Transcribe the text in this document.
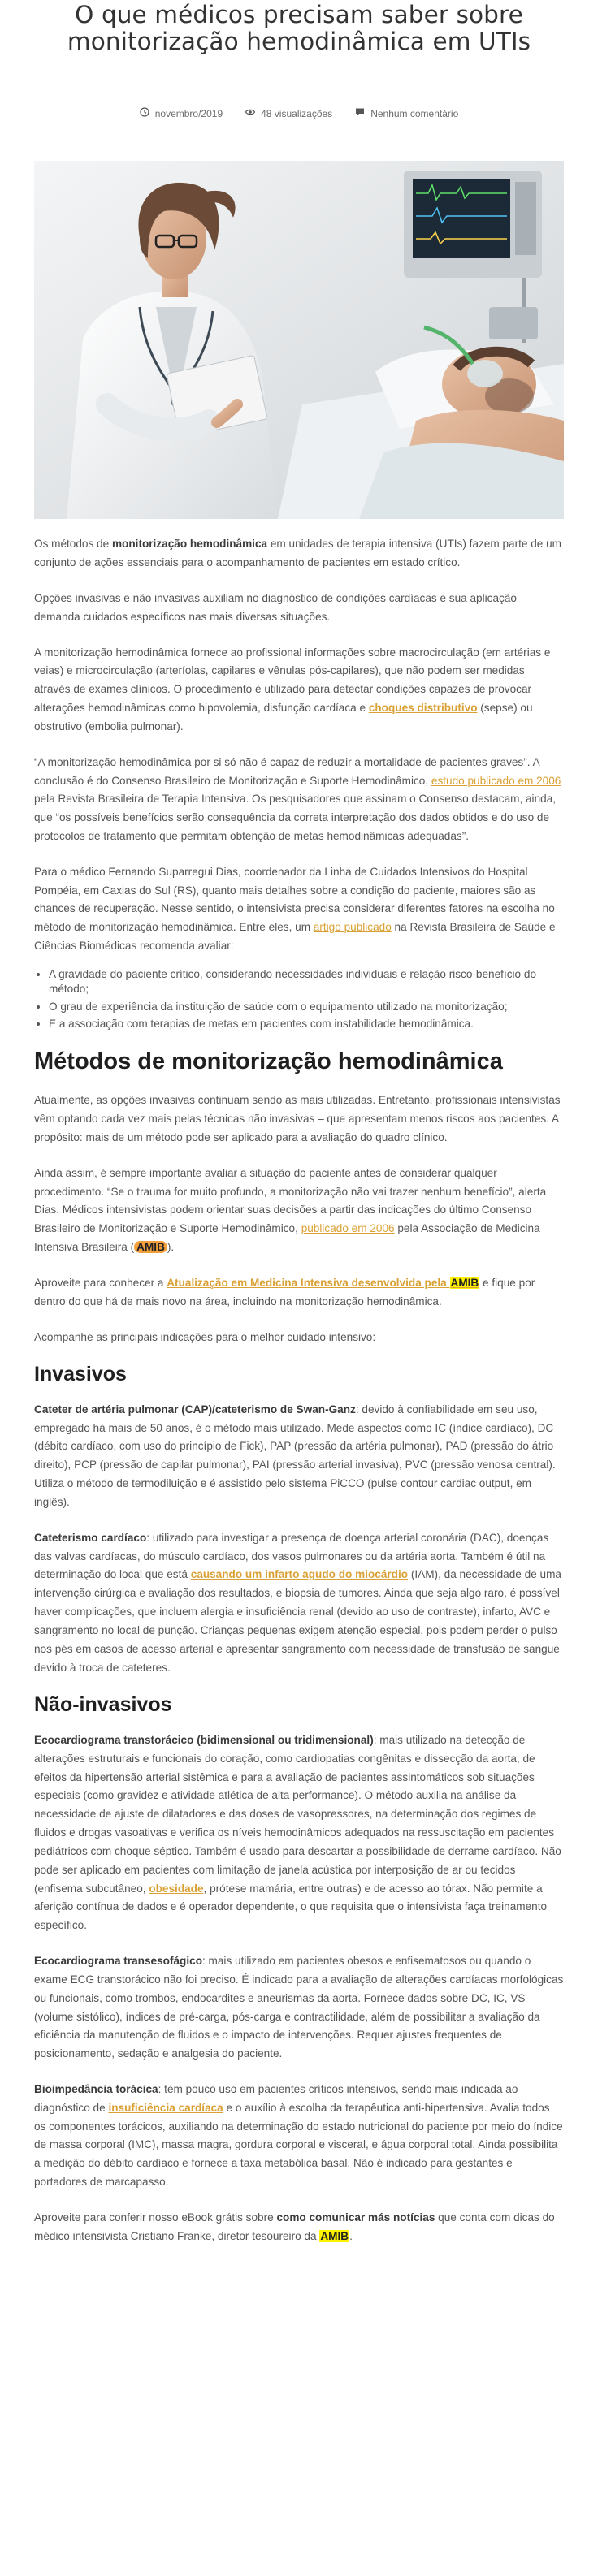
O que médicos precisam saber sobre monitorização hemodinâmica em UTIs
novembro/2019	48 visualizações	Nenhum comentário

Os métodos de monitorização hemodinâmica em unidades de terapia intensiva (UTIs) fazem parte de um conjunto de ações essenciais para o acompanhamento de pacientes em estado crítico.

Opções invasivas e não invasivas auxiliam no diagnóstico de condições cardíacas e sua aplicação demanda cuidados específicos nas mais diversas situações.

A monitorização hemodinâmica fornece ao profissional informações sobre macrocirculação (em artérias e veias) e microcirculação (arteríolas, capilares e vênulas pós-capilares), que não podem ser medidas através de exames clínicos. O procedimento é utilizado para detectar condições capazes de provocar alterações hemodinâmicas como hipovolemia, disfunção cardíaca e choques distributivo (sepse) ou obstrutivo (embolia pulmonar).

“A monitorização hemodinâmica por si só não é capaz de reduzir a mortalidade de pacientes graves”. A conclusão é do Consenso Brasileiro de Monitorização e Suporte Hemodinâmico, estudo publicado em 2006 pela Revista Brasileira de Terapia Intensiva. Os pesquisadores que assinam o Consenso destacam, ainda, que “os possíveis benefícios serão consequência da correta interpretação dos dados obtidos e do uso de protocolos de tratamento que permitam obtenção de metas hemodinâmicas adequadas”.

Para o médico Fernando Suparregui Dias, coordenador da Linha de Cuidados Intensivos do Hospital Pompéia, em Caxias do Sul (RS), quanto mais detalhes sobre a condição do paciente, maiores são as chances de recuperação. Nesse sentido, o intensivista precisa considerar diferentes fatores na escolha no método de monitorização hemodinâmica. Entre eles, um artigo publicado na Revista Brasileira de Saúde e Ciências Biomédicas recomenda avaliar:

• A gravidade do paciente crítico, considerando necessidades individuais e relação risco-benefício do método;
• O grau de experiência da instituição de saúde com o equipamento utilizado na monitorização;
• E a associação com terapias de metas em pacientes com instabilidade hemodinâmica.
Métodos de monitorização hemodinâmica

Atualmente, as opções invasivas continuam sendo as mais utilizadas. Entretanto, profissionais intensivistas vêm optando cada vez mais pelas técnicas não invasivas – que apresentam menos riscos aos pacientes. A propósito: mais de um método pode ser aplicado para a avaliação do quadro clínico.

Ainda assim, é sempre importante avaliar a situação do paciente antes de considerar qualquer procedimento. “Se o trauma for muito profundo, a monitorização não vai trazer nenhum benefício”, alerta Dias. Médicos intensivistas podem orientar suas decisões a partir das indicações do último Consenso Brasileiro de Monitorização e Suporte Hemodinâmico, publicado em 2006 pela Associação de Medicina Intensiva Brasileira ( AMIB ).

Aproveite para conhecer a Atualização em Medicina Intensiva desenvolvida pela AMIB e fique por dentro do que há de mais novo na área, incluindo na monitorização hemodinâmica.

Acompanhe as principais indicações para o melhor cuidado intensivo:

Invasivos

Cateter de artéria pulmonar (CAP)/cateterismo de Swan-Ganz: devido à confiabilidade em seu uso, empregado há mais de 50 anos, é o método mais utilizado. Mede aspectos como IC (índice cardíaco), DC (débito cardíaco, com uso do princípio de Fick), PAP (pressão da artéria pulmonar), PAD (pressão do átrio direito), PCP (pressão de capilar pulmonar), PAI (pressão arterial invasiva), PVC (pressão venosa central). Utiliza o método de termodiluição e é assistido pelo sistema PiCCO (pulse contour cardiac output, em inglês).

Cateterismo cardíaco: utilizado para investigar a presença de doença arterial coronária (DAC), doenças das valvas cardíacas, do músculo cardíaco, dos vasos pulmonares ou da artéria aorta. Também é útil na determinação do local que está causando um infarto agudo do miocárdio (IAM), da necessidade de uma intervenção cirúrgica e avaliação dos resultados, e biopsia de tumores. Ainda que seja algo raro, é possível haver complicações, que incluem alergia e insuficiência renal (devido ao uso de contraste), infarto, AVC e sangramento no local de punção. Crianças pequenas exigem atenção especial, pois podem perder o pulso nos pés em casos de acesso arterial e apresentar sangramento com necessidade de transfusão de sangue devido à troca de cateteres.

Não-invasivos

Ecocardiograma transtorácico (bidimensional ou tridimensional): mais utilizado na detecção de alterações estruturais e funcionais do coração, como cardiopatias congênitas e dissecção da aorta, de efeitos da hipertensão arterial sistêmica e para a avaliação de pacientes assintomáticos sob situações especiais (como gravidez e atividade atlética de alta performance). O método auxilia na análise da necessidade de ajuste de dilatadores e das doses de vasopressores, na determinação dos regimes de fluidos e drogas vasoativas e verifica os níveis hemodinâmicos adequados na ressuscitação em pacientes pediátricos com choque séptico. Também é usado para descartar a possibilidade de derrame cardíaco. Não pode ser aplicado em pacientes com limitação de janela acústica por interposição de ar ou tecidos (enfisema subcutâneo, obesidade, prótese mamária, entre outras) e de acesso ao tórax. Não permite a aferição contínua de dados e é operador dependente, o que requisita que o intensivista faça treinamento específico.

Ecocardiograma transesofágico: mais utilizado em pacientes obesos e enfisematosos ou quando o exame ECG transtorácico não foi preciso. É indicado para a avaliação de alterações cardíacas morfológicas ou funcionais, como trombos, endocardites e aneurismas da aorta. Fornece dados sobre DC, IC, VS (volume sistólico), índices de pré-carga, pós-carga e contractilidade, além de possibilitar a avaliação da eficiência da manutenção de fluidos e o impacto de intervenções. Requer ajustes frequentes de posicionamento, sedação e analgesia do paciente.

Bioimpedância torácica: tem pouco uso em pacientes críticos intensivos, sendo mais indicada ao diagnóstico de insuficiência cardíaca e o auxílio à escolha da terapêutica anti-hipertensiva. Avalia todos os componentes torácicos, auxiliando na determinação do estado nutricional do paciente por meio do índice de massa corporal (IMC), massa magra, gordura corporal e visceral, e água corporal total. Ainda possibilita a medição do débito cardíaco e fornece a taxa metabólica basal. Não é indicado para gestantes e portadores de marcapasso.

Aproveite para conferir nosso eBook grátis sobre como comunicar más notícias que conta com dicas do médico intensivista Cristiano Franke, diretor tesoureiro da AMIB.
